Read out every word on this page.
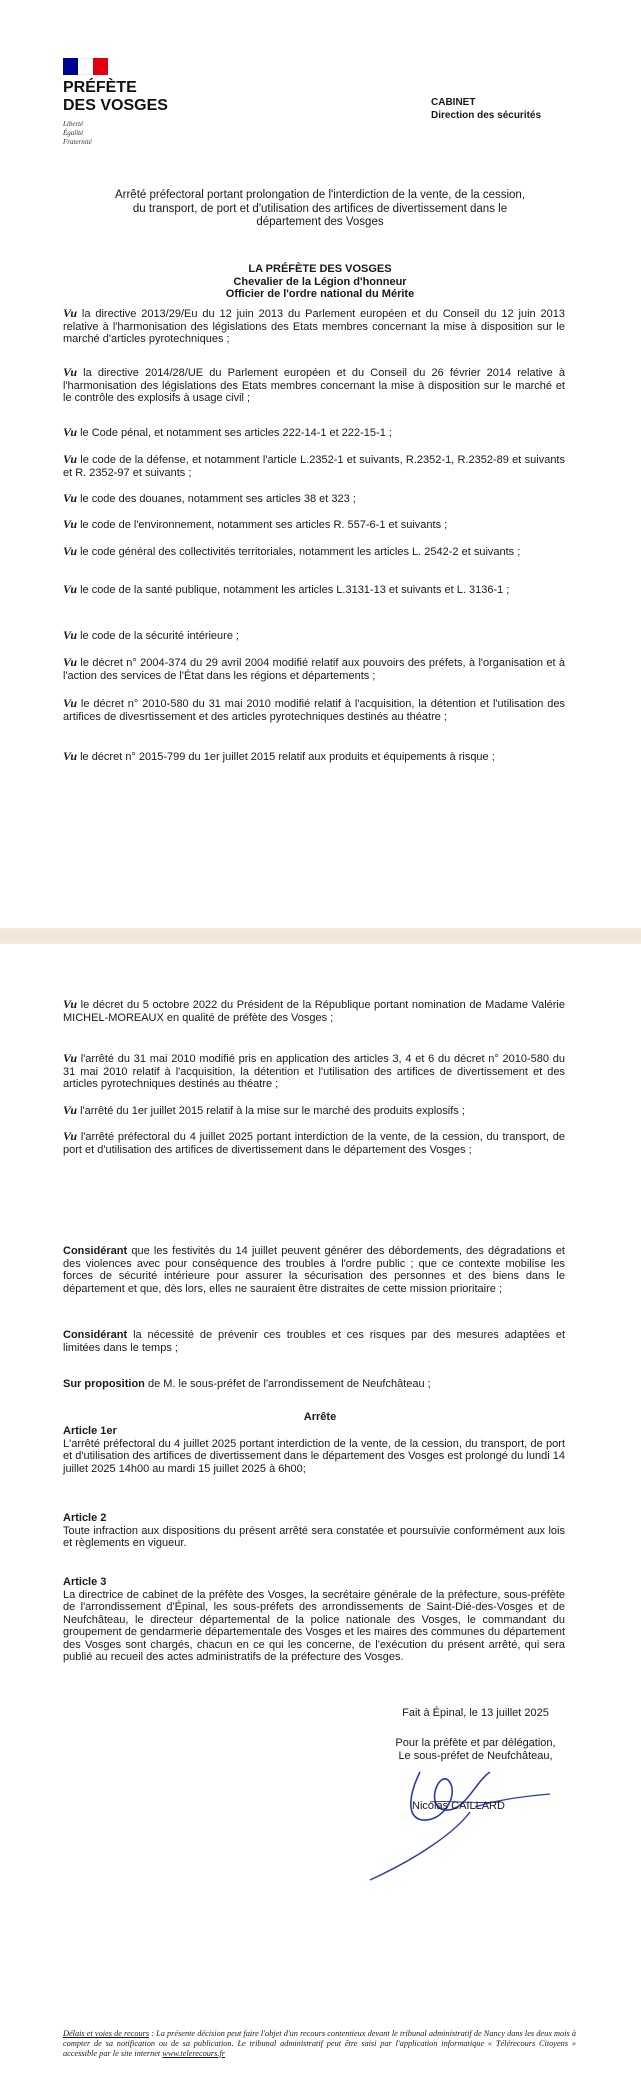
PRÉFÈTE
DES VOSGES
Liberté
Égalité
Fraternité
CABINET
Direction des sécurités
Arrêté préfectoral portant prolongation de l'interdiction de la vente, de la cession,
du transport, de port et d'utilisation des artifices de divertissement dans le
département des Vosges
LA PRÉFÈTE DES VOSGES
Chevalier de la Légion d'honneur
Officier de l'ordre national du Mérite
Vu la directive 2013/29/Eu du 12 juin 2013 du Parlement européen et du Conseil du 12 juin 2013 relative à l'harmonisation des législations des Etats membres concernant la mise à disposition sur le marché d'articles pyrotechniques ;
Vu la directive 2014/28/UE du Parlement européen et du Conseil du 26 février 2014 relative à l'harmonisation des législations des Etats membres concernant la mise à disposition sur le marché et le contrôle des explosifs à usage civil ;
Vu le Code pénal, et notamment ses articles 222-14-1 et 222-15-1 ;
Vu le code de la défense, et notamment l'article L.2352-1 et suivants, R.2352-1, R.2352-89 et suivants et R. 2352-97 et suivants ;
Vu le code des douanes, notamment ses articles 38 et 323 ;
Vu le code de l'environnement, notamment ses articles R. 557-6-1 et suivants ;
Vu le code général des collectivités territoriales, notamment les articles L. 2542-2 et suivants ;
Vu le code de la santé publique, notamment les articles L.3131-13 et suivants et L. 3136-1 ;
Vu le code de la sécurité intérieure ;
Vu le décret n° 2004-374 du 29 avril 2004 modifié relatif aux pouvoirs des préfets, à l'organisation et à l'action des services de l'État dans les régions et départements ;
Vu le décret n° 2010-580 du 31 mai 2010 modifié relatif à l'acquisition, la détention et l'utilisation des artifices de divesrtissement et des articles pyrotechniques destinés au théatre ;
Vu le décret n° 2015-799 du 1er juillet 2015 relatif aux produits et équipements à risque ;
Vu le décret du 5 octobre 2022 du Président de la République portant nomination de Madame Valérie MICHEL-MOREAUX en qualité de préfète des Vosges ;
Vu l'arrêté du 31 mai 2010 modifié pris en application des articles 3, 4 et 6 du décret n° 2010-580 du 31 mai 2010 relatif à l'acquisition, la détention et l'utilisation des artifices de divertissement et des articles pyrotechniques destinés au théatre ;
Vu l'arrêté du 1er juillet 2015 relatif à la mise sur le marché des produits explosifs ;
Vu l'arrêté préfectoral du 4 juillet 2025 portant interdiction de la vente, de la cession, du transport, de port et d'utilisation des artifices de divertissement dans le département des Vosges ;
Considérant que les festivités du 14 juillet peuvent générer des débordements, des dégradations et des violences avec pour conséquence des troubles à l'ordre public ; que ce contexte mobilise les forces de sécurité intérieure pour assurer la sécurisation des personnes et des biens dans le département et que, dès lors, elles ne sauraient être distraites de cette mission prioritaire ;
Considérant la nécessité de prévenir ces troubles et ces risques par des mesures adaptées et limitées dans le temps ;
Sur proposition de M. le sous-préfet de l'arrondissement de Neufchâteau ;
Arrête
Article 1er
L'arrêté préfectoral du 4 juillet 2025 portant interdiction de la vente, de la cession, du transport, de port et d'utilisation des artifices de divertissement dans le département des Vosges est prolongé du lundi 14 juillet 2025 14h00 au mardi 15 juillet 2025 à 6h00;
Article 2
Toute infraction aux dispositions du présent arrêté sera constatée et poursuivie conformément aux lois et règlements en vigueur.
Article 3
La directrice de cabinet de la préfète des Vosges, la secrétaire générale de la préfecture, sous-préfète de l'arrondissement d'Épinal, les sous-préfets des arrondissements de Saint-Dié-des-Vosges et de Neufchâteau, le directeur départemental de la police nationale des Vosges, le commandant du groupement de gendarmerie départementale des Vosges et les maires des communes du département des Vosges sont chargés, chacun en ce qui les concerne, de l'exécution du présent arrêté, qui sera publié au recueil des actes administratifs de la préfecture des Vosges.
Fait à Épinal, le 13 juillet 2025
Pour la préfète et par délégation,
Le sous-préfet de Neufchâteau,
Nicolas CAILLARD
Délais et voies de recours : La présente décision peut faire l'objet d'un recours contentieux devant le tribunal administratif de Nancy dans les deux mois à compter de sa notification ou de sa publication. Le tribunal administratif peut être saisi par l'application informatique « Télérecours Citoyens » accessible par le site internet www.telerecours.fr
